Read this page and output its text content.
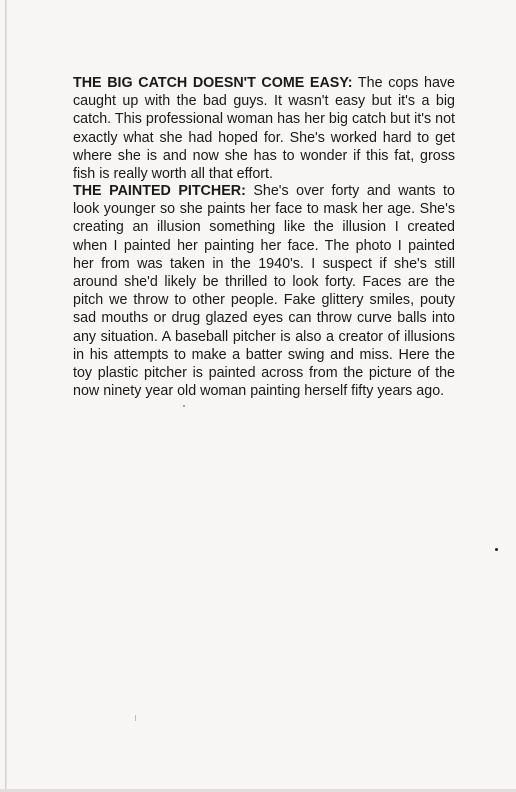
THE BIG CATCH DOESN'T COME EASY: The cops have caught up with the bad guys. It wasn't easy but it's a big catch. This professional woman has her big catch but it's not exactly what she had hoped for. She's worked hard to get where she is and now she has to wonder if this fat, gross fish is really worth all that effort.

THE PAINTED PITCHER: She's over forty and wants to look younger so she paints her face to mask her age. She's creating an illusion something like the illusion I created when I painted her painting her face. The photo I painted her from was taken in the 1940's. I suspect if she's still around she'd likely be thrilled to look forty. Faces are the pitch we throw to other people. Fake glittery smiles, pouty sad mouths or drug glazed eyes can throw curve balls into any situation. A baseball pitcher is also a creator of illusions in his attempts to make a batter swing and miss. Here the toy plastic pitcher is painted across from the picture of the now ninety year old woman painting herself fifty years ago.
